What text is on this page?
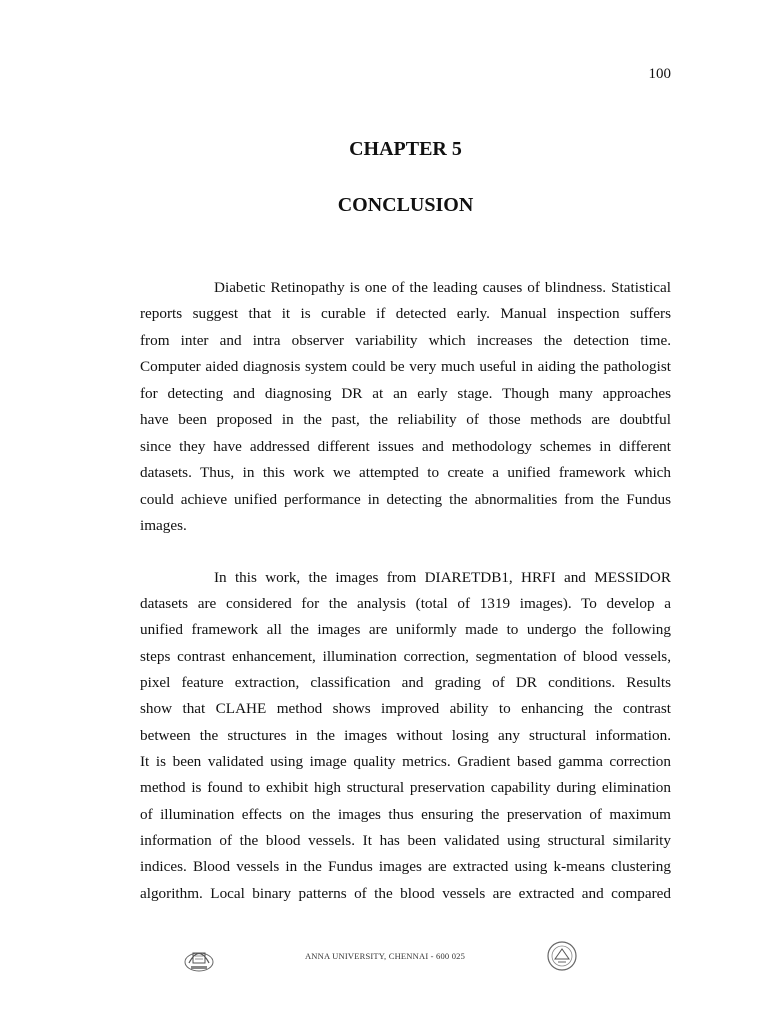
100
CHAPTER 5
CONCLUSION
Diabetic Retinopathy is one of the leading causes of blindness. Statistical
reports suggest that it is curable if detected early. Manual inspection suffers
from inter and intra observer variability which increases the detection time.
Computer aided diagnosis system could be very much useful in aiding the pathologist
for detecting and diagnosing DR at an early stage. Though many approaches
have been proposed in the past, the reliability of those methods are doubtful
since they have addressed different issues and methodology schemes in different
datasets. Thus, in this work we attempted to create a unified framework which
could achieve unified performance in detecting the abnormalities from the Fundus
images.
In this work, the images from DIARETDB1, HRFI and MESSIDOR
datasets are considered for the analysis (total of 1319 images). To develop a
unified framework all the images are uniformly made to undergo the following
steps contrast enhancement, illumination correction, segmentation of blood vessels,
pixel feature extraction, classification and grading of DR conditions. Results
show that CLAHE method shows improved ability to enhancing the contrast
between the structures in the images without losing any structural information.
It is been validated using image quality metrics. Gradient based gamma correction
method is found to exhibit high structural preservation capability during elimination
of illumination effects on the images thus ensuring the preservation of maximum
information of the blood vessels. It has been validated using structural similarity
indices. Blood vessels in the Fundus images are extracted using k-means clustering
algorithm. Local binary patterns of the blood vessels are extracted and compared
ANNA UNIVERSITY, CHENNAI - 600 025
